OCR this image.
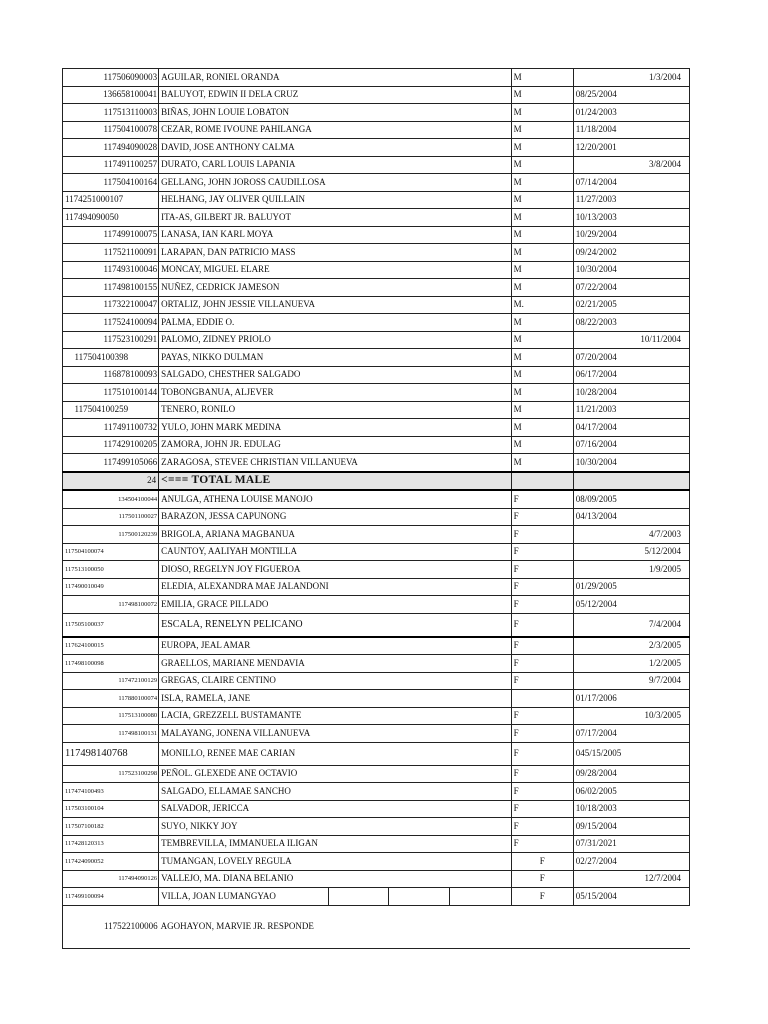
117506090003	AGUILAR, RONIEL ORANDA				M	1/3/2004
136658100041	BALUYOT, EDWIN II DELA CRUZ				M	08/25/2004
117513110003	BIÑAS, JOHN LOUIE LOBATON				M	01/24/2003
117504100078	CEZAR, ROME IVOUNE PAHILANGA				M	11/18/2004
117494090028	DAVID, JOSE ANTHONY CALMA				M	12/20/2001
117491100257	DURATO, CARL LOUIS LAPANIA				M	3/8/2004
117504100164	GELLANG, JOHN JOROSS CAUDILLOSA				M	07/14/2004
1174251000107	HELHANG, JAY OLIVER QUILLAIN				M	11/27/2003
117494090050	ITA-AS, GILBERT JR. BALUYOT				M	10/13/2003
117499100075	LANASA, IAN KARL MOYA				M	10/29/2004
117521100091	LARAPAN, DAN PATRICIO MASS				M	09/24/2002
117493100046	MONCAY, MIGUEL ELARE				M	10/30/2004
117498100155	NUÑEZ, CEDRICK JAMESON				M	07/22/2004
117322100047	ORTALIZ, JOHN JESSIE VILLANUEVA				M.	02/21/2005
117524100094	PALMA, EDDIE O.				M	08/22/2003
117523100291	PALOMO, ZIDNEY PRIOLO				M	10/11/2004
117504100398	PAYAS, NIKKO DULMAN				M	07/20/2004
116878100093	SALGADO, CHESTHER SALGADO				M	06/17/2004
117510100144	TOBONGBANUA, ALJEVER				M	10/28/2004
117504100259	TENERO, RONILO				M	11/21/2003
117491100732	YULO, JOHN MARK MEDINA				M	04/17/2004
117429100205	ZAMORA, JOHN JR. EDULAG				M	07/16/2004
117499105066	ZARAGOSA, STEVEE CHRISTIAN VILLANUEVA				M	10/30/2004
24	<=== TOTAL MALE					
134504100044	ANULGA, ATHENA LOUISE MANOJO				F	08/09/2005
117501100027	BARAZON, JESSA CAPUNONG				F	04/13/2004
117500120239	BRIGOLA, ARIANA MAGBANUA				F	4/7/2003
117504100074	CAUNTOY, AALIYAH MONTILLA				F	5/12/2004
117513100050	DIOSO, REGELYN JOY FIGUEROA				F	1/9/2005
117490010049	ELEDIA, ALEXANDRA MAE JALANDONI				F	01/29/2005
117498100072	EMILIA, GRACE PILLADO				F	05/12/2004
117505100037	ESCALA, RENELYN PELICANO				F	7/4/2004
117624100015	EUROPA, JEAL AMAR				F	2/3/2005
117498100098	GRAELLOS, MARIANE MENDAVIA				F	1/2/2005
117472100129	GREGAS, CLAIRE CENTINO				F	9/7/2004
117880100074	ISLA, RAMELA, JANE					01/17/2006
117513100080	LACIA, GREZZELL BUSTAMANTE				F	10/3/2005
117498100131	MALAYANG, JONENA VILLANUEVA				F	07/17/2004
117498140768	MONILLO, RENEE MAE CARIAN				F	045/15/2005
117523100298	PEÑOL. GLEXEDE ANE OCTAVIO				F	09/28/2004
117474100493	SALGADO, ELLAMAE SANCHO				F	06/02/2005
117503100104	SALVADOR, JERICCA				F	10/18/2003
117507100182	SUYO, NIKKY JOY				F	09/15/2004
117428120313	TEMBREVILLA, IMMANUELA ILIGAN				F	07/31/2021
117424090052	TUMANGAN, LOVELY REGULA				F	02/27/2004
117494090126	VALLEJO, MA. DIANA BELANIO				F	12/7/2004
117499100094	VILLA, JOAN LUMANGYAO				F	05/15/2004
117522100006	AGOHAYON, MARVIE JR. RESPONDE					
